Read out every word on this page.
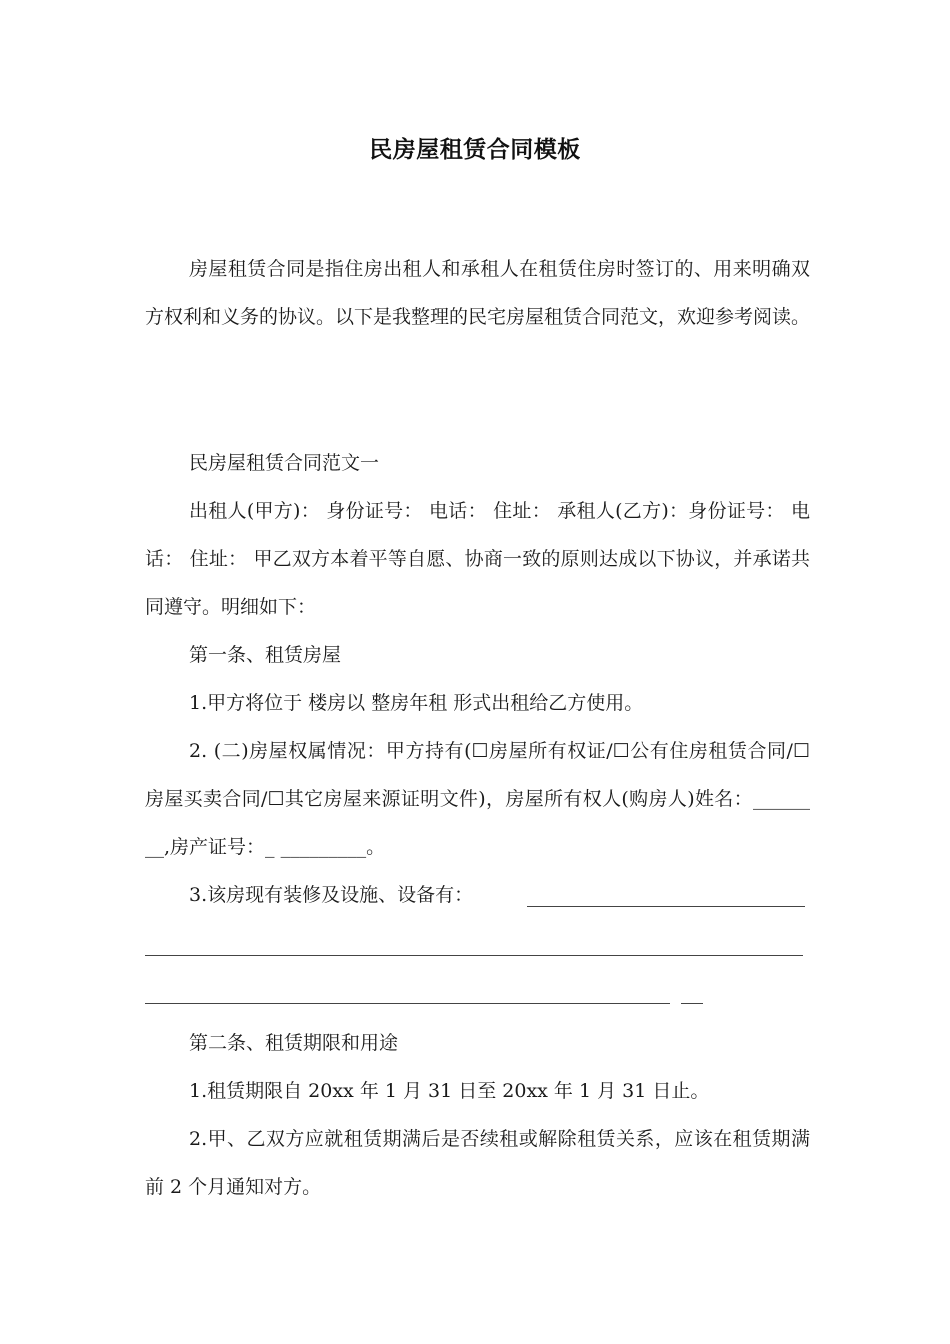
民房屋租赁合同模板

房屋租赁合同是指住房出租人和承租人在租赁住房时签订的、用来明确双方权利和义务的协议。以下是我整理的民宅房屋租赁合同范文，欢迎参考阅读。

民房屋租赁合同范文一

出租人(甲方)： 身份证号： 电话： 住址： 承租人(乙方)：身份证号： 电话： 住址： 甲乙双方本着平等自愿、协商一致的原则达成以下协议，并承诺共同遵守。明细如下：

第一条、租赁房屋

1.甲方将位于 楼房以 整房年租 形式出租给乙方使用。

2. (二)房屋权属情况：甲方持有(☐房屋所有权证/☐公有住房租赁合同/☐房屋买卖合同/☐其它房屋来源证明文件)，房屋所有权人(购房人)姓名：______ __,房产证号：_ _________。

3.该房现有装修及设施、设备有：

第二条、租赁期限和用途

1.租赁期限自 20xx 年 1 月 31 日至 20xx 年 1 月 31 日止。

2.甲、乙双方应就租赁期满后是否续租或解除租赁关系，应该在租赁期满前 2 个月通知对方。
